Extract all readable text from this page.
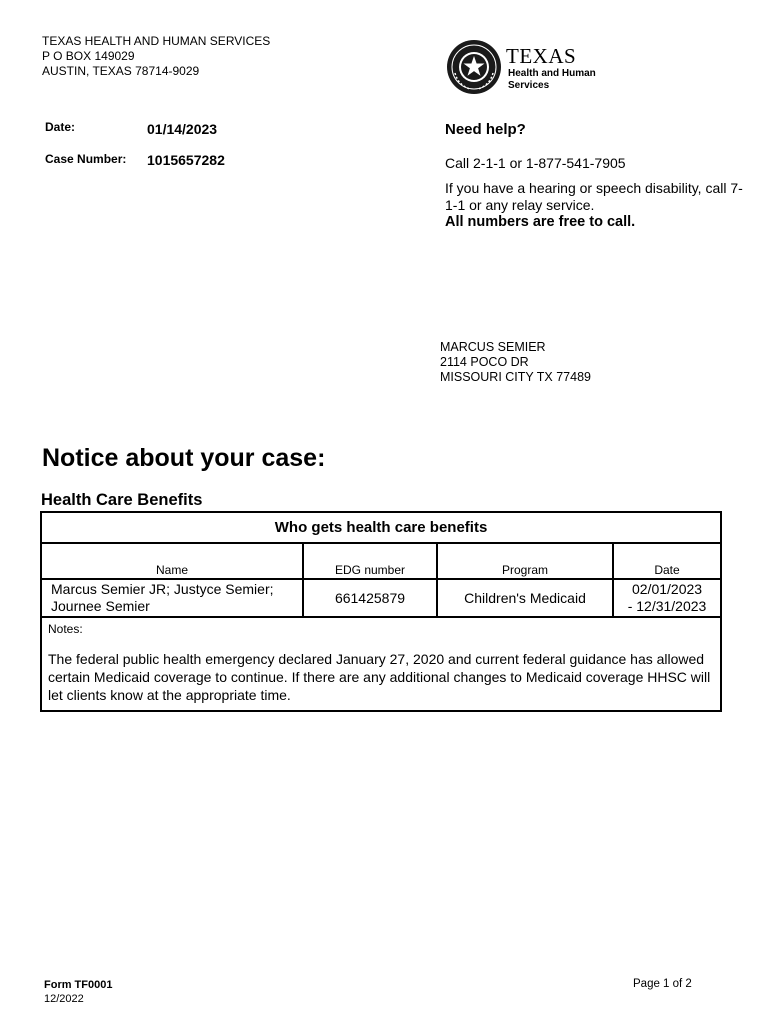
TEXAS HEALTH AND HUMAN SERVICES
P O BOX 149029
AUSTIN, TEXAS 78714-9029
TEXAS
Health and Human
Services
Date:	01/14/2023
Case Number: 1015657282
Need help?
Call 2-1-1 or 1-877-541-7905
If you have a hearing or speech disability, call 7-1-1 or any relay service.
All numbers are free to call.
MARCUS SEMIER
2114 POCO DR
MISSOURI CITY TX 77489
Notice about your case:
Health Care Benefits
Who gets health care benefits			
Name	EDG number	Program	Date
Marcus Semier JR; Justyce Semier; Journee Semier	661425879	Children's Medicaid	02/01/2023
- 12/31/2023

Notes:
The federal public health emergency declared January 27, 2020 and current federal guidance has allowed certain Medicaid coverage to continue. If there are any additional changes to Medicaid coverage HHSC will let clients know at the appropriate time.			
Form TF0001
12/2022
Page 1 of 2
